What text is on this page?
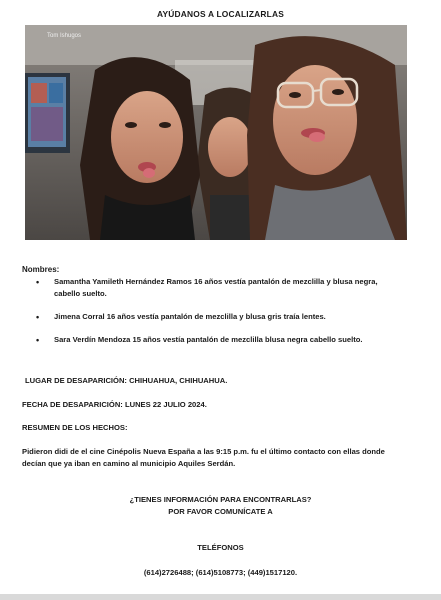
AYÚDANOS A LOCALIZARLAS
Tom Ishugos
Nombres:
• Samantha Yamileth Hernández Ramos 16 años vestía pantalón de mezclilla y blusa negra, cabello suelto.
• Jimena Corral 16 años vestía pantalón de mezclilla y blusa gris traía lentes.
• Sara Verdín Mendoza 15 años vestía pantalón de mezclilla blusa negra cabello suelto.
LUGAR DE DESAPARICIÓN: CHIHUAHUA, CHIHUAHUA.
FECHA DE DESAPARICIÓN: LUNES 22 JULIO 2024.
RESUMEN DE LOS HECHOS:
Pidieron didi de el cine Cinépolis Nueva España a las 9:15 p.m. fu el último contacto con ellas donde decían que ya iban en camino al municipio Aquiles Serdán.
¿TIENES INFORMACIÓN PARA ENCONTRARLAS?
POR FAVOR COMUNÍCATE A
TELÉFONOS
(614)2726488; (614)5108773; (449)1517120.
